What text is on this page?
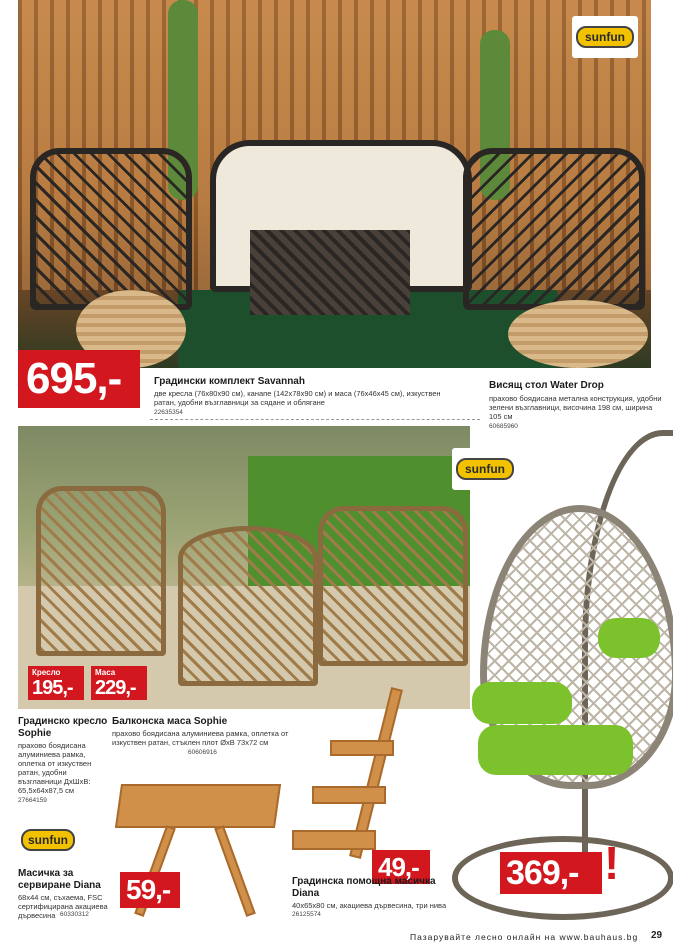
sunfun
695,-	Градински комплект Savannah
две кресла (76x80x90 см), канапе (142x78x90 см) и маса (76x46x45 см), изкуствен ратан, удобни възглавници за сядане и облягане
22635354
Висящ стол Water Drop
прахово боядисана метална конструкция, удобни зелени възглавници, височина 198 см, ширина 105 см
60685960
sunfun
Кресло
195,-
Маса
229,-
Градинско кресло Sophie
прахово боядисана алуминиева рамка, оплетка от изкуствен ратан, удобни възглавници ДxШxВ: 65,5x64x87,5 см
27664159
Балконска маса Sophie
прахово боядисана алуминиева рамка, оплетка от изкуствен ратан, стъклен плот ØxВ 73x72 см
60606916
369,- !
sunfun
59,-
49,-
Масичка за сервиране Diana
68x44 см, съхаема, FSC сертифицирана акациева дървесина 60330312
Градинска помощна масичка Diana
40x65x80 см, акациева дървесина, три нива
26125574
Пазарувайте лесно онлайн на www.bauhaus.bg 29
